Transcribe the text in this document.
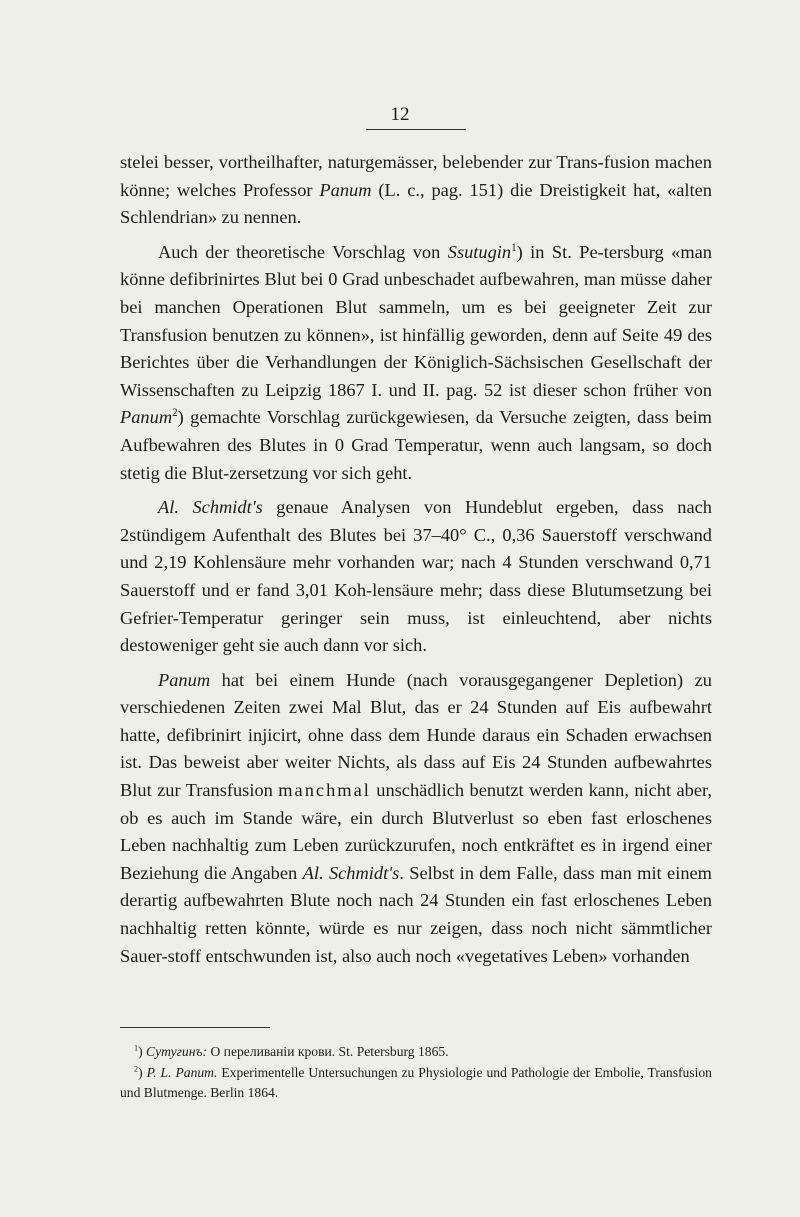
12

stelei besser, vortheilhafter, naturgemässer, belebender zur Trans-fusion machen könne; welches Professor Panum (L. c., pag. 151) die Dreistigkeit hat, «alten Schlendrian» zu nennen.

Auch der theoretische Vorschlag von Ssutugin$^1$) in St. Pe-tersburg «man könne defibrinirtes Blut bei 0 Grad unbeschadet aufbewahren, man müsse daher bei manchen Operationen Blut sammeln, um es bei geeigneter Zeit zur Transfusion benutzen zu können», ist hinfällig geworden, denn auf Seite 49 des Berichtes über die Verhandlungen der Königlich-Sächsischen Gesellschaft der Wissenschaften zu Leipzig 1867 I. und II. pag. 52 ist dieser schon früher von Panum$^2$) gemachte Vorschlag zurückgewiesen, da Versuche zeigten, dass beim Aufbewahren des Blutes in 0 Grad Temperatur, wenn auch langsam, so doch stetig die Blut-zersetzung vor sich geht.

Al. Schmidt's genaue Analysen von Hundeblut ergeben, dass nach 2stündigem Aufenthalt des Blutes bei 37–40° C., 0,36 Sauerstoff verschwand und 2,19 Kohlensäure mehr vorhanden war; nach 4 Stunden verschwand 0,71 Sauerstoff und er fand 3,01 Koh-lensäure mehr; dass diese Blutumsetzung bei Gefrier-Temperatur geringer sein muss, ist einleuchtend, aber nichts destoweniger geht sie auch dann vor sich.

Panum hat bei einem Hunde (nach vorausgegangener Depletion) zu verschiedenen Zeiten zwei Mal Blut, das er 24 Stunden auf Eis aufbewahrt hatte, defibrinirt injicirt, ohne dass dem Hunde daraus ein Schaden erwachsen ist. Das beweist aber weiter Nichts, als dass auf Eis 24 Stunden aufbewahrtes Blut zur Transfusion manchmal unschädlich benutzt werden kann, nicht aber, ob es auch im Stande wäre, ein durch Blutverlust so eben fast erloschenes Leben nachhaltig zum Leben zurückzurufen, noch entkräftet es in irgend einer Beziehung die Angaben Al. Schmidt's. Selbst in dem Falle, dass man mit einem derartig aufbewahrten Blute noch nach 24 Stunden ein fast erloschenes Leben nachhaltig retten könnte, würde es nur zeigen, dass noch nicht sämmtlicher Sauer-stoff entschwunden ist, also auch noch «vegetatives Leben» vorhanden

$^1$) Сутугинъ: О переливаніи крови. St. Petersburg 1865.

$^2$) P. L. Panum. Experimentelle Untersuchungen zu Physiologie und Pathologie der Embolie, Transfusion und Blutmenge. Berlin 1864.
